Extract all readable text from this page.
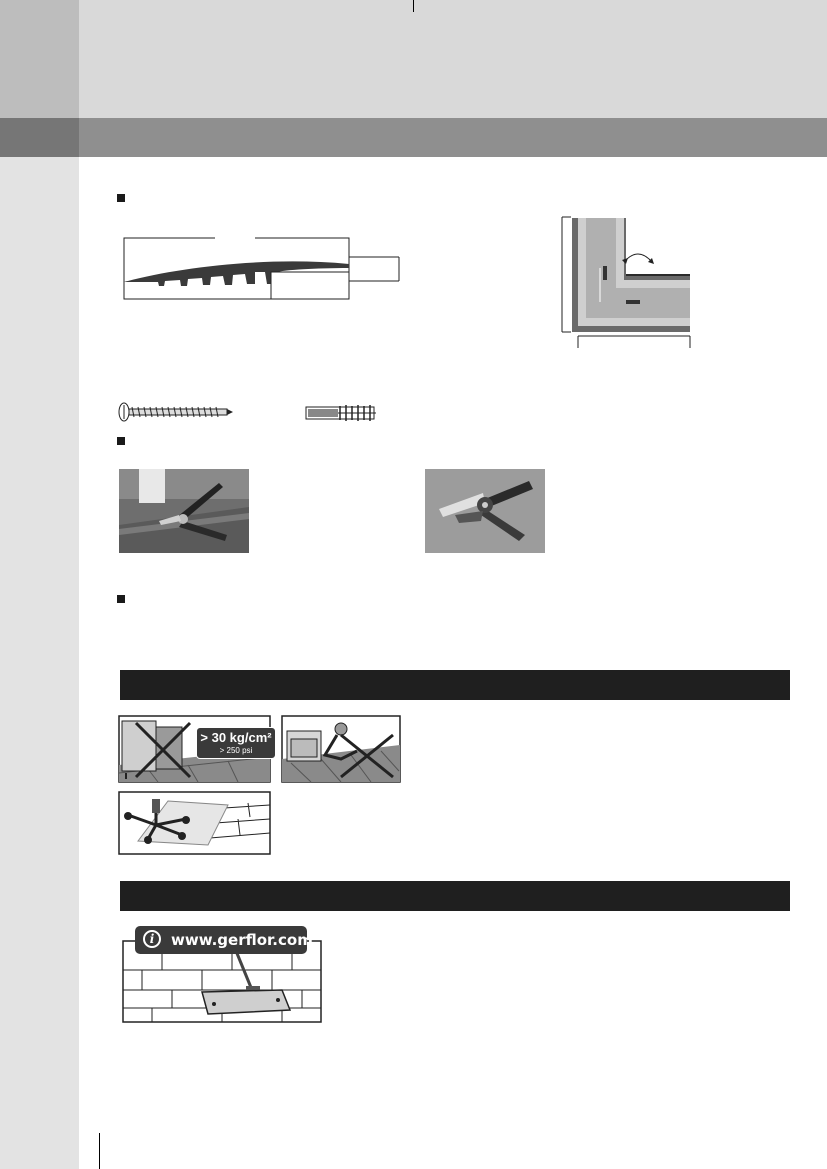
> 30 kg/cm²
> 250 psi
i	www.gerflor.com
